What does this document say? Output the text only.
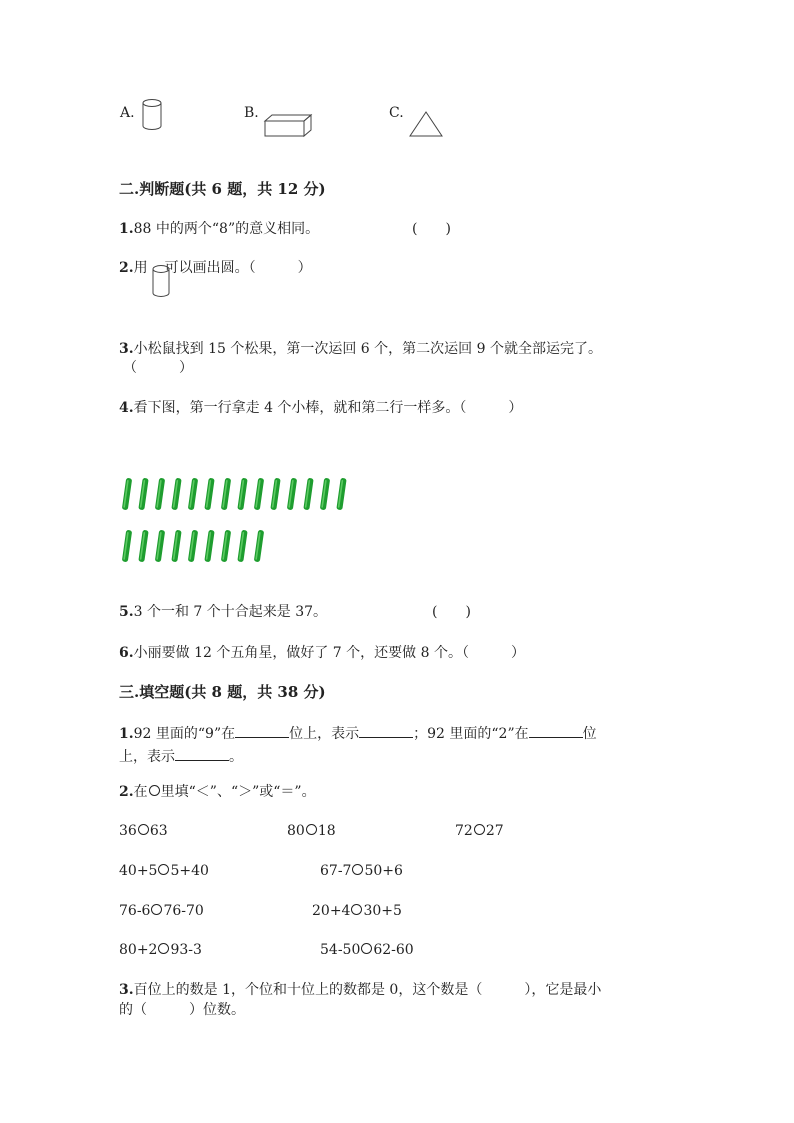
A.	B.	C.
二.判断题(共 6 题，共 12 分)
1.88 中的两个“8”的意义相同。	(　　)
2.用 可以画出圆。（　　　）
3.小松鼠找到 15 个松果，第一次运回 6 个，第二次运回 9 个就全部运完了。
（　　　）
4.看下图，第一行拿走 4 个小棒，就和第二行一样多。（　　　）
5.3 个一和 7 个十合起来是 37。	(　　)
6.小丽要做 12 个五角星，做好了 7 个，还要做 8 个。（　　　）
三.填空题(共 8 题，共 38 分)
1.92 里面的“9”在	位上，表示	；92 里面的“2”在	位
上，表示	。
2.在 里填“＜”、“＞”或“＝”。
36 63	80 18	72 27
40+5 5+40	67-7 50+6
76-6 76-70	20+4 30+5
80+2 93-3	54-50 62-60
3.百位上的数是 1，个位和十位上的数都是 0，这个数是（　　　），它是最小
的（　　　）位数。
